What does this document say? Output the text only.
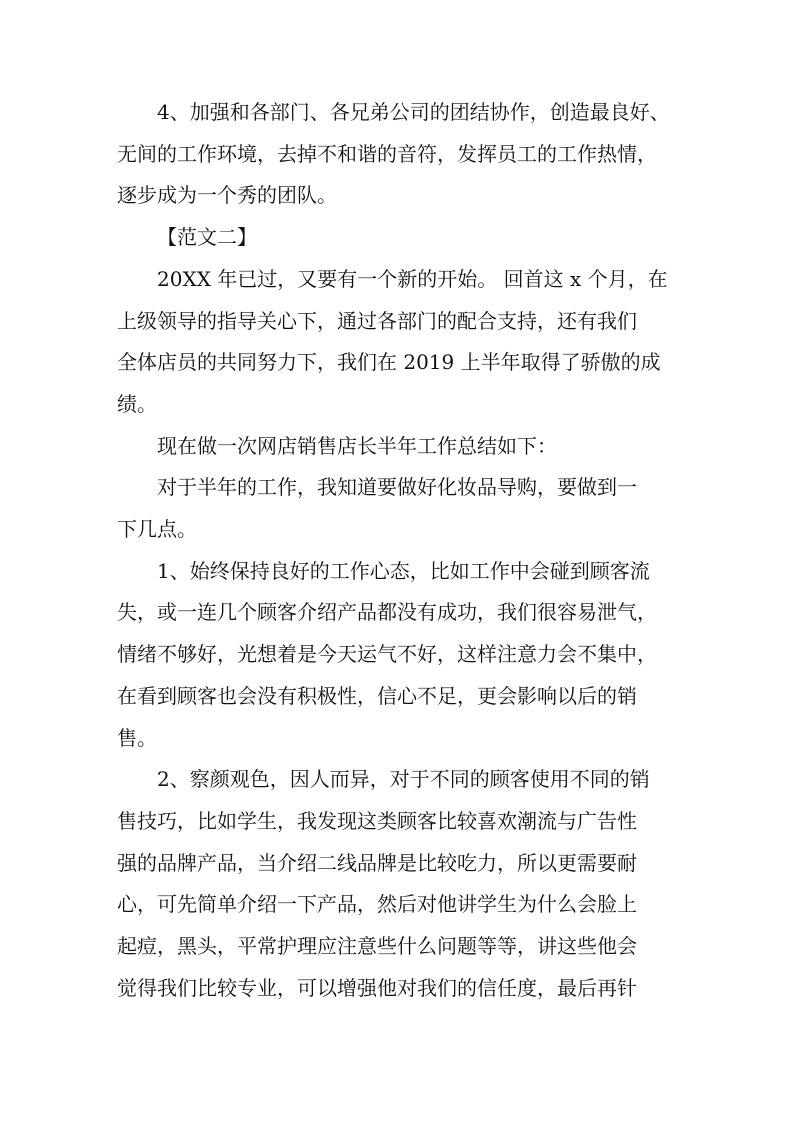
4、加强和各部门、各兄弟公司的团结协作，创造最良好、
无间的工作环境，去掉不和谐的音符，发挥员工的工作热情，
逐步成为一个秀的团队。

【范文二】

20XX 年已过，又要有一个新的开始。 回首这 x 个月，在
上级领导的指导关心下，通过各部门的配合支持，还有我们
全体店员的共同努力下，我们在 2019 上半年取得了骄傲的成
绩。

现在做一次网店销售店长半年工作总结如下：

对于半年的工作，我知道要做好化妆品导购，要做到一
下几点。

1、始终保持良好的工作心态，比如工作中会碰到顾客流
失，或一连几个顾客介绍产品都没有成功，我们很容易泄气，
情绪不够好，光想着是今天运气不好，这样注意力会不集中，
在看到顾客也会没有积极性，信心不足，更会影响以后的销
售。

2、察颜观色，因人而异，对于不同的顾客使用不同的销
售技巧，比如学生，我发现这类顾客比较喜欢潮流与广告性
强的品牌产品，当介绍二线品牌是比较吃力，所以更需要耐
心，可先简单介绍一下产品，然后对他讲学生为什么会脸上
起痘，黑头，平常护理应注意些什么问题等等，讲这些他会
觉得我们比较专业，可以增强他对我们的信任度，最后再针
